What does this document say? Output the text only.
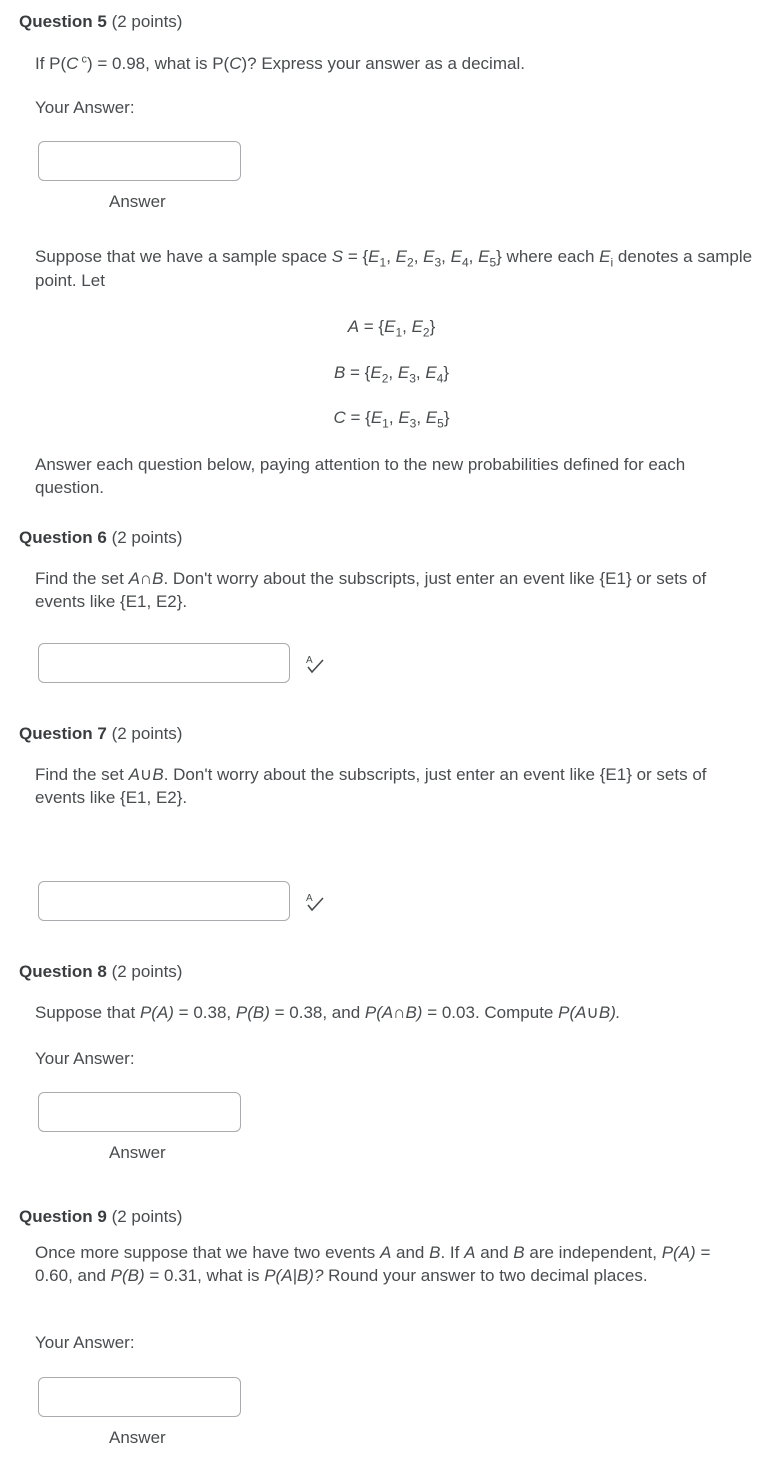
Question 5 (2 points)
If P(C $^c$) = 0.98, what is P(C)? Express your answer as a decimal.
Your Answer:
Answer
Suppose that we have a sample space $S = \{E_1$, $E_2$, $E_3$, $E_4$, $E_5$} where each $E_i$ denotes a sample point. Let
$A = \{E_1$, $E_2$}
$B = \{E_2$, $E_3$, $E_4$}
$C = \{E_1$, $E_3$, $E_5$}
Answer each question below, paying attention to the new probabilities defined for each question.
Question 6 (2 points)
Find the set A∩B. Don't worry about the subscripts, just enter an event like {E1} or sets of events like {E1, E2}.
A
Question 7 (2 points)
Find the set A∪B. Don't worry about the subscripts, just enter an event like {E1} or sets of events like {E1, E2}.
A
Question 8 (2 points)
Suppose that P(A) = 0.38, P(B) = 0.38, and P(A∩B) = 0.03. Compute P(A∪B).
Your Answer:
Answer
Question 9 (2 points)
Once more suppose that we have two events A and B. If A and B are independent, P(A) = 0.60, and P(B) = 0.31, what is P(A|B)? Round your answer to two decimal places.
Your Answer:
Answer
